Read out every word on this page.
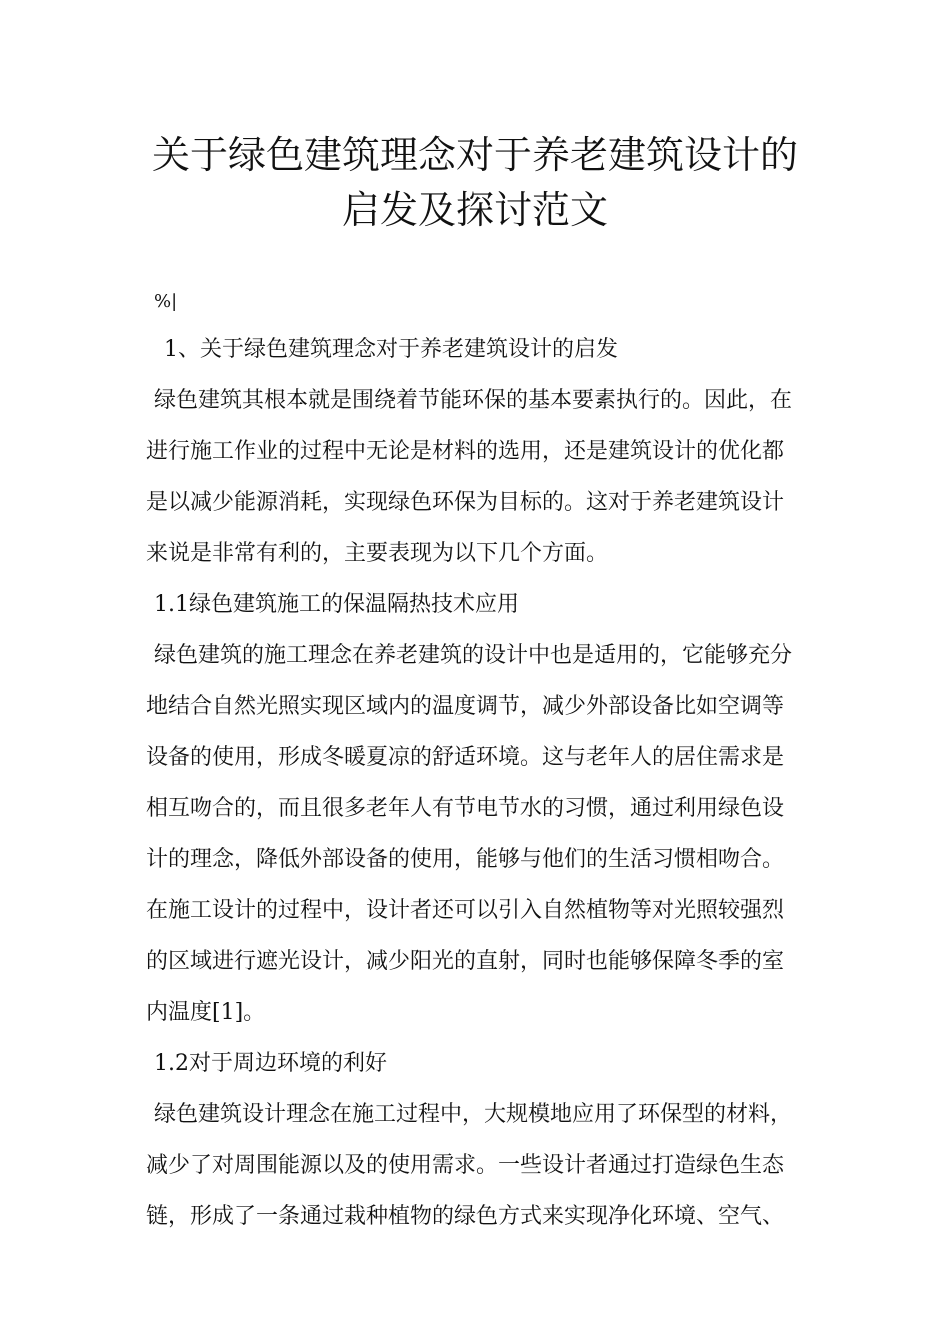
关于绿色建筑理念对于养老建筑设计的
启发及探讨范文
%|
1、关于绿色建筑理念对于养老建筑设计的启发
绿色建筑其根本就是围绕着节能环保的基本要素执行的。因此，在
进行施工作业的过程中无论是材料的选用，还是建筑设计的优化都
是以减少能源消耗，实现绿色环保为目标的。这对于养老建筑设计
来说是非常有利的，主要表现为以下几个方面。
1.1绿色建筑施工的保温隔热技术应用
绿色建筑的施工理念在养老建筑的设计中也是适用的，它能够充分
地结合自然光照实现区域内的温度调节，减少外部设备比如空调等
设备的使用，形成冬暖夏凉的舒适环境。这与老年人的居住需求是
相互吻合的，而且很多老年人有节电节水的习惯，通过利用绿色设
计的理念，降低外部设备的使用，能够与他们的生活习惯相吻合。
在施工设计的过程中，设计者还可以引入自然植物等对光照较强烈
的区域进行遮光设计，减少阳光的直射，同时也能够保障冬季的室
内温度[1]。
1.2对于周边环境的利好
绿色建筑设计理念在施工过程中，大规模地应用了环保型的材料，
减少了对周围能源以及的使用需求。一些设计者通过打造绿色生态
链，形成了一条通过栽种植物的绿色方式来实现净化环境、空气、
